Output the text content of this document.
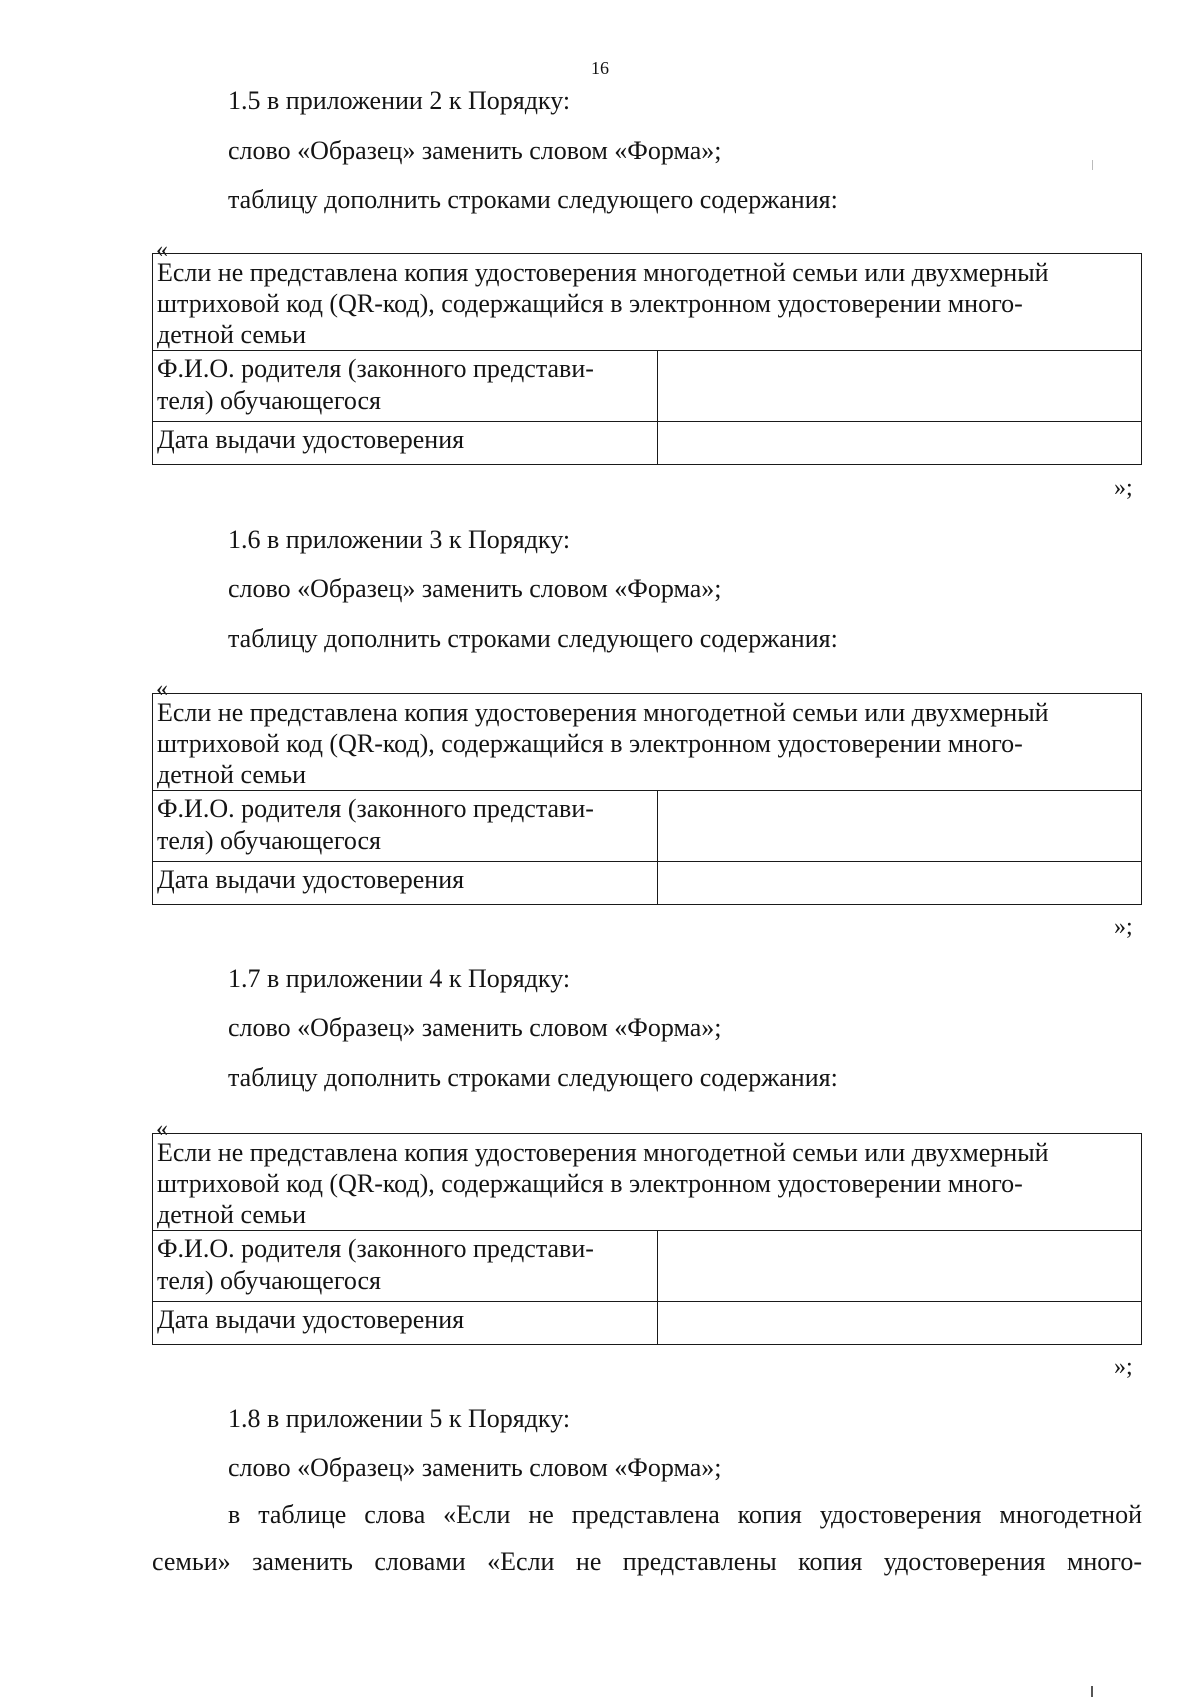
16
1.5 в приложении 2 к Порядку:
слово «Образец» заменить словом «Форма»;
таблицу дополнить строками следующего содержания:
«
Если не представлена копия удостоверения многодетной семьи или двухмерный
штриховой код (QR-код), содержащийся в электронном удостоверении много-
детной семьи
Ф.И.О. родителя (законного представи-
теля) обучающегося
Дата выдачи удостоверения
»;
1.6 в приложении 3 к Порядку:
слово «Образец» заменить словом «Форма»;
таблицу дополнить строками следующего содержания:
«
Если не представлена копия удостоверения многодетной семьи или двухмерный
штриховой код (QR-код), содержащийся в электронном удостоверении много-
детной семьи
Ф.И.О. родителя (законного представи-
теля) обучающегося
Дата выдачи удостоверения
»;
1.7 в приложении 4 к Порядку:
слово «Образец» заменить словом «Форма»;
таблицу дополнить строками следующего содержания:
«
Если не представлена копия удостоверения многодетной семьи или двухмерный
штриховой код (QR-код), содержащийся в электронном удостоверении много-
детной семьи
Ф.И.О. родителя (законного представи-
теля) обучающегося
Дата выдачи удостоверения
»;
1.8 в приложении 5 к Порядку:
слово «Образец» заменить словом «Форма»;
в таблице слова «Если не представлена копия удостоверения многодетной
семьи» заменить словами «Если не представлены копия удостоверения много-
